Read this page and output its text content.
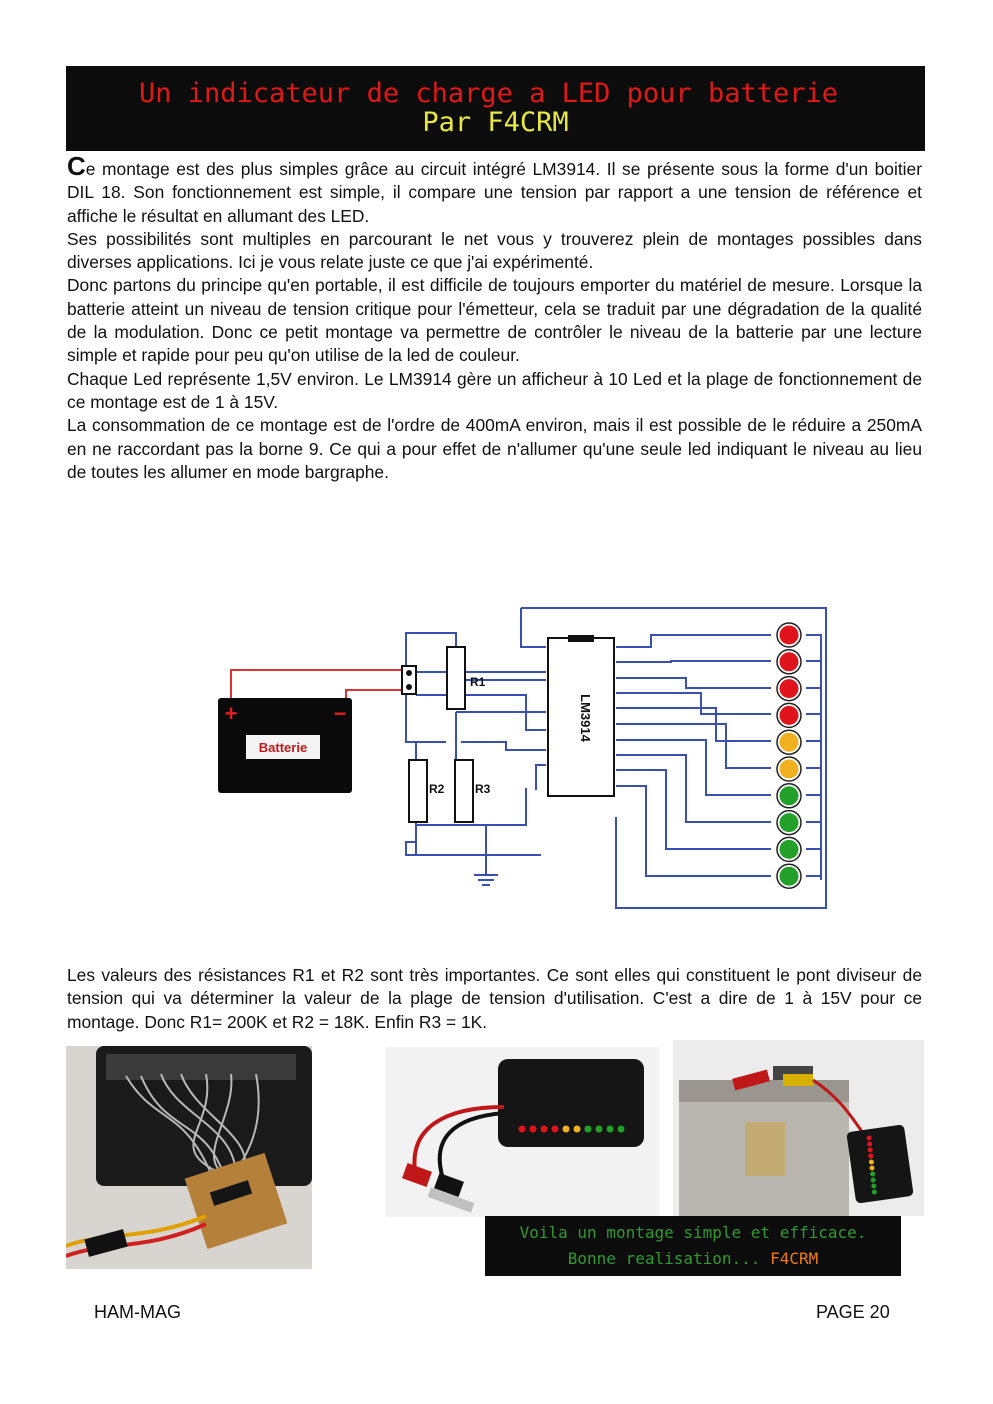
Un indicateur de charge a LED pour batterie
Par F4CRM

Ce montage est des plus simples grâce au circuit intégré LM3914. Il se présente sous la forme d'un boitier DIL 18. Son fonctionnement est simple, il compare une tension par rapport a une tension de référence et affiche le résultat en allumant des LED.

Ses possibilités sont multiples en parcourant le net vous y trouverez plein de montages possibles dans diverses applications. Ici je vous relate juste ce que j'ai expérimenté.

Donc partons du principe qu'en portable, il est difficile de toujours emporter du matériel de mesure. Lorsque la batterie atteint un niveau de tension critique pour l'émetteur, cela se traduit par une dégradation de la qualité de la modulation. Donc ce petit montage va permettre de contrôler le niveau de la batterie par une lecture simple et rapide pour peu qu'on utilise de la led de couleur.

Chaque Led représente 1,5V environ. Le LM3914 gère un afficheur à 10 Led et la plage de fonctionnement de ce montage est de 1 à 15V.

La consommation de ce montage est de l'ordre de 400mA environ, mais il est possible de le réduire a 250mA en ne raccordant pas la borne 9. Ce qui a pour effet de n'allumer qu'une seule led indiquant le niveau au lieu de toutes les allumer en mode bargraphe.

Batterie
+	−
R1
R2	R3
LM3914

Les valeurs des résistances R1 et R2 sont très importantes. Ce sont elles qui constituent le pont diviseur de tension qui va déterminer la valeur de la plage de tension d'utilisation. C'est a dire de 1 à 15V pour ce montage. Donc R1= 200K et R2 = 18K. Enfin R3 = 1K.

Voila un montage simple et efficace.
Bonne realisation... F4CRM
HAM-MAG	PAGE 20
